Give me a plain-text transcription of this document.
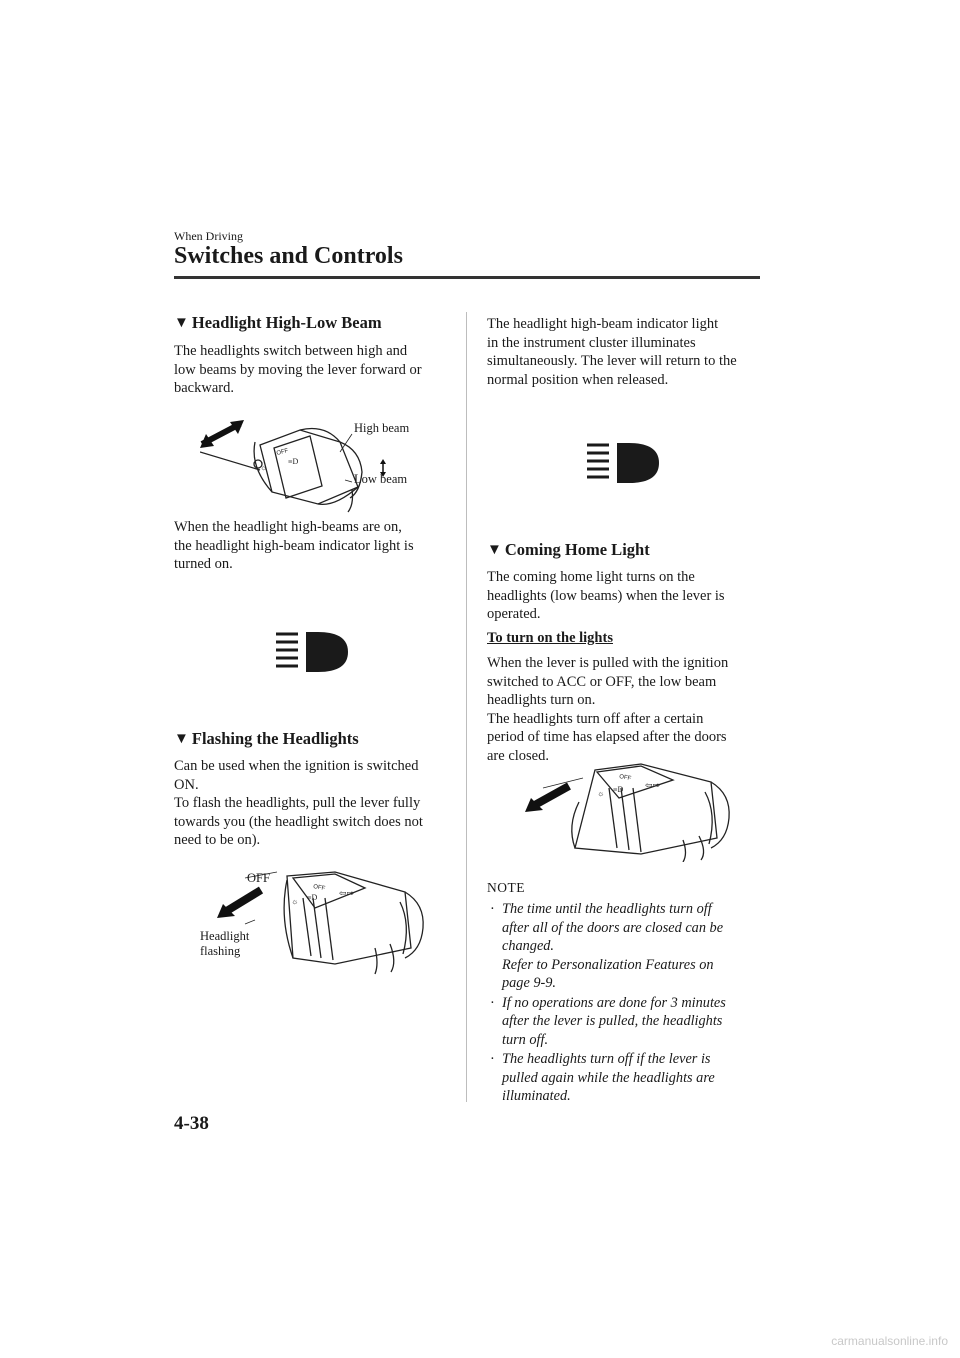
When Driving
Switches and Controls
▼ Headlight High-Low Beam
The headlights switch between high and
low beams by moving the lever forward or
backward.
OFF
☼
≡D
High beam
Low beam
When the headlight high-beams are on,
the headlight high-beam indicator light is
turned on.
▼ Flashing the Headlights
Can be used when the ignition is switched
ON.
To flash the headlights, pull the lever fully
towards you (the headlight switch does not
need to be on).
OFF
☼ ≡D ⇦⇨
OFF
Headlight
flashing
The headlight high-beam indicator light
in the instrument cluster illuminates
simultaneously. The lever will return to the
normal position when released.
▼ Coming Home Light
The coming home light turns on the
headlights (low beams) when the lever is
operated.
To turn on the lights
When the lever is pulled with the ignition
switched to ACC or OFF, the low beam
headlights turn on.
The headlights turn off after a certain
period of time has elapsed after the doors
are closed.
OFF
☼ ≡D ⇦⇨
NOTE
· The time until the headlights turn off
after all of the doors are closed can be
changed.
Refer to Personalization Features on
page 9-9.
· If no operations are done for 3 minutes
after the lever is pulled, the headlights
turn off.
· The headlights turn off if the lever is
pulled again while the headlights are
illuminated.
4-38
carmanualsonline.info
